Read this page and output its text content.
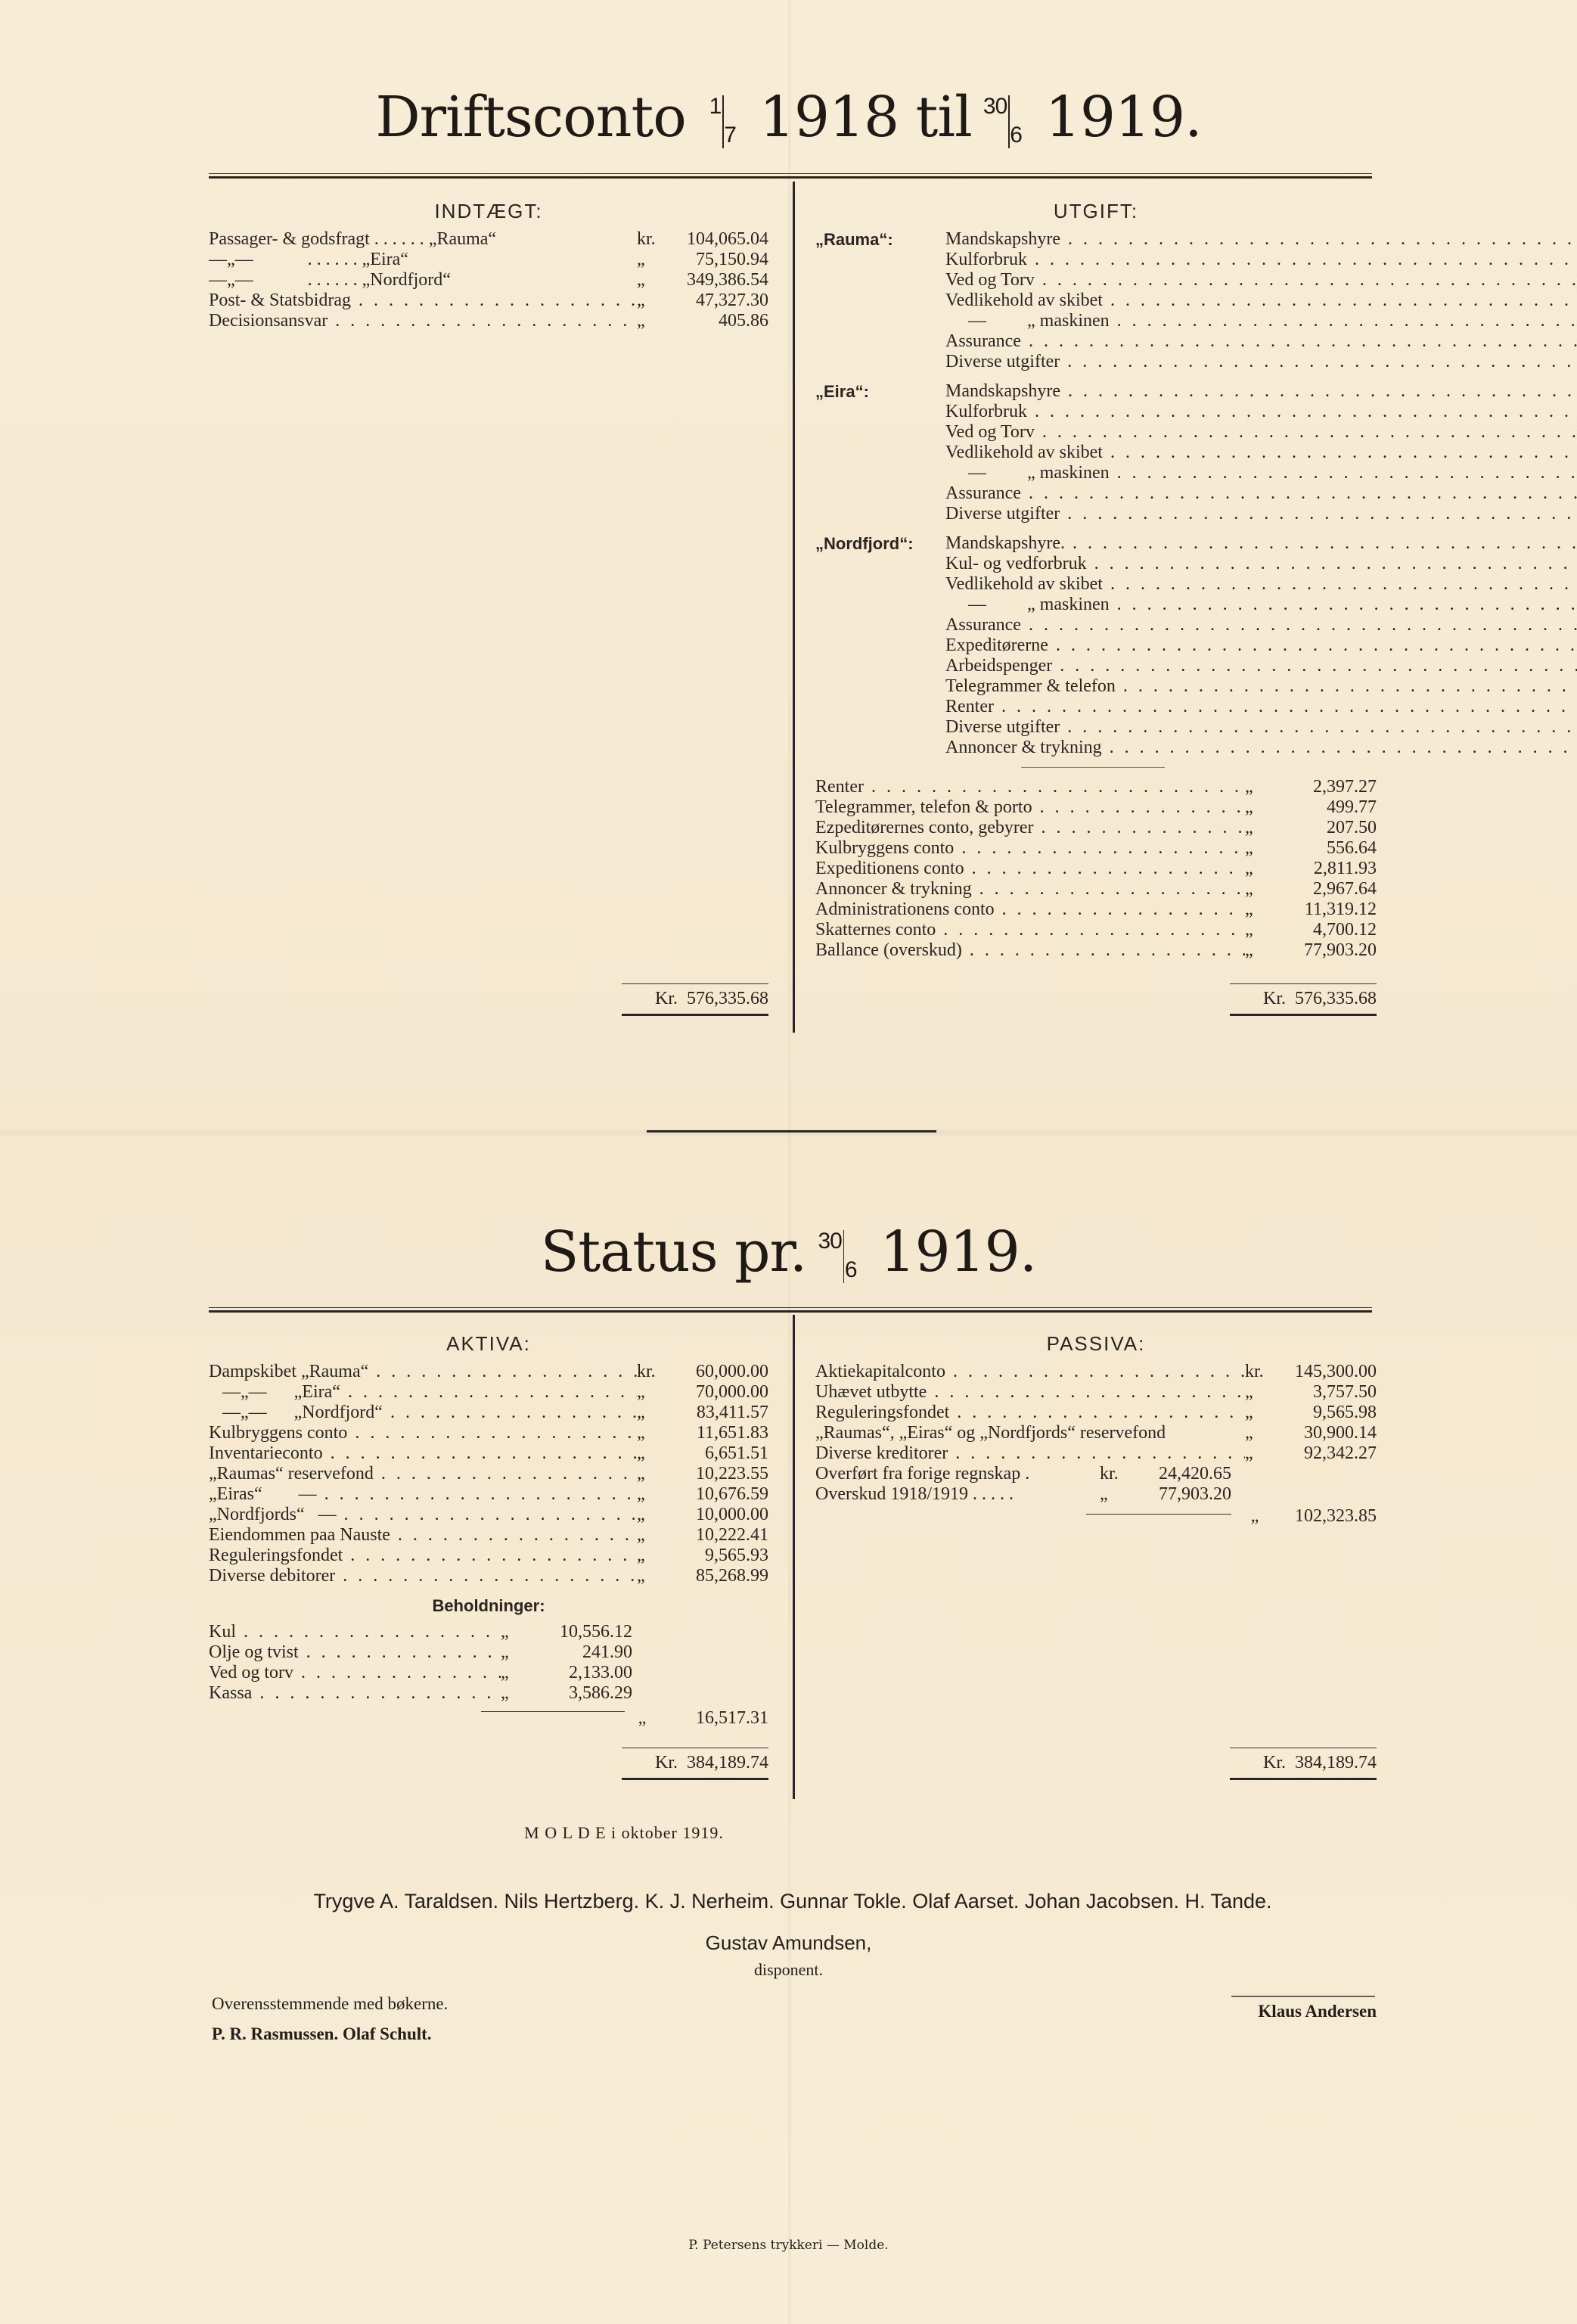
Driftsconto 1
7 1918 til 30
6 1919.
INDTÆGT:
Passager- & godsfragt . . . . . . „Rauma“	kr.	104,065.04
—„—            . . . . . . „Eira“	„	75,150.94
—„—            . . . . . . „Nordfjord“	„	349,386.54
Post- & Statsbidrag . . .	„	47,327.30
Decisionsansvar . . .	„	405.86
Kr. 576,335.68
UTGIFT:
„Rauma“:	Mandskapshyre . . .
Kulforbruk . . .
Ved og Torv . . .
Vedlikehold av skibet . . .
—         „ maskinen . . .
Assurance . . .
Diverse utgifter . . .
„Eira“:	Mandskapshyre . . .
Kulforbruk . . .
Ved og Torv . . .
Vedlikehold av skibet . . .
—         „ maskinen . . .
Assurance . . .
Diverse utgifter . . .
„Nordfjord“:	Mandskapshyre. . . .
Kul- og vedforbruk . . .
Vedlikehold av skibet . . .
—         „ maskinen . . .
Assurance . . .
Expeditørerne . . .
Arbeidspenger . . .
Telegrammer & telefon . . .
Renter . . .
Diverse utgifter . . .
Annoncer & trykning . . .
Renter . . .	„	2,397.27
Telegrammer, telefon & porto . . .	„	499.77
Ezpeditørernes conto, gebyrer . . .	„	207.50
Kulbryggens conto . . .	„	556.64
Expeditionens conto . . .	„	2,811.93
Annoncer & trykning . . .	„	2,967.64
Administrationens conto . . .	„	11,319.12
Skatternes conto . . .	„	4,700.12
Ballance (overskud) . . .	„	77,903.20
Kr. 576,335.68
Status pr. 30
6 1919.
AKTIVA:
Dampskibet „Rauma“ . . .	kr.	60,000.00
—„—      „Eira“ . . .	„	70,000.00
—„—      „Nordfjord“ . . .	„	83,411.57
Kulbryggens conto . . .	„	11,651.83
Inventarieconto . . .	„	6,651.51
„Raumas“ reservefond . . .	„	10,223.55
„Eiras“        — . . .	„	10,676.59
„Nordfjords“   — . . .	„	10,000.00
Eiendommen paa Nauste . . .	„	10,222.41
Reguleringsfondet . . .	„	9,565.93
Diverse debitorer . . .	„	85,268.99
Beholdninger:
Kul . . .	„	10,556.12
Olje og tvist . . .	„	241.90
Ved og torv . . .	„	2,133.00
Kassa . . .	„	3,586.29
„	16,517.31
Kr. 384,189.74
PASSIVA:
Aktiekapitalconto . . .	kr.	145,300.00
Uhævet utbytte . . .	„	3,757.50
Reguleringsfondet . . .	„	9,565.98
„Raumas“, „Eiras“ og „Nordfjords“ reservefond	„	30,900.14
Diverse kreditorer . . .	„	92,342.27
Overført fra forige regnskap .	kr.	24,420.65
Overskud 1918/1919 . . . . .	„	77,903.20
„	102,323.85
Kr. 384,189.74
M O L D E i oktober 1919.
Trygve A. Taraldsen. Nils Hertzberg. K. J. Nerheim. Gunnar Tokle. Olaf Aarset. Johan Jacobsen. H. Tande.
Gustav Amundsen,
disponent.
Overensstemmende med bøkerne.
P. R. Rasmussen. Olaf Schult.
Klaus Andersen
P. Petersens trykkeri — Molde.
